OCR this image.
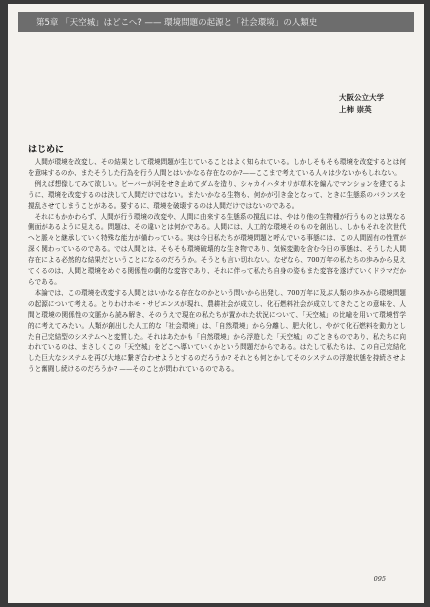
第5章 「天空城」はどこへ? —— 環境問題の起源と「社会環境」の人類史

大阪公立大学
上柿 崇英
はじめに

人間が環境を改変し、その結果として環境問題が生じていることはよく知られている。しかしそもそも環境を改変するとは何を意味するのか、またそうした行為を行う人間とはいかなる存在なのか?——ここまで考えている人々は少ないかもしれない。

例えば想像してみて欲しい。ビーバーが河をせき止めてダムを造り、シャカイハタオリが草木を編んでマンションを建てるように、環境を改変するのは決して人間だけではない。またいかなる生物も、何かが引き金となって、ときに生態系のバランスを撹乱させてしまうことがある。要するに、環境を破壊するのは人間だけではないのである。

それにもかかわらず、人間が行う環境の改変や、人間に由来する生態系の撹乱には、やはり他の生物種が行うものとは異なる側面があるように見える。問題は、その違いとは何かである。人間には、人工的な環境そのものを創出し、しかもそれを次世代へと脈々と継承していく特殊な能力が備わっている。実は今日私たちが環境問題と呼んでいる事態には、この人間固有の性質が深く関わっているのである。では人間とは、そもそも環境破壊的な生き物であり、気候変動を含む今日の事態は、そうした人間存在による必然的な結果だということになるのだろうか。そうとも言い切れない。なぜなら、700万年の私たちの歩みから見えてくるのは、人間と環境をめぐる関係性の劇的な変容であり、それに伴って私たち自身の姿もまた変容を遂げていくドラマだからである。

本論では、この環境を改変する人間とはいかなる存在なのかという問いから出発し、700万年に及ぶ人類の歩みから環境問題の起源について考える。とりわけホモ・サピエンスが現れ、農耕社会が成立し、化石燃料社会が成立してきたことの意味を、人間と環境の関係性の文脈から読み解き、そのうえで現在の私たちが置かれた状況について、「天空城」の比喩を用いて環境哲学的に考えてみたい。人類が創出した人工的な「社会環境」は、「自然環境」から分離し、肥大化し、やがて化石燃料を動力とした自己完結型のシステムへと変質した。それはあたかも「自然環境」から浮遊した「天空城」のごときものであり、私たちに向われているのは、まさしくこの「天空城」をどこへ導いていくかという問題だからである。はたして私たちは、この自己完結化した巨大なシステムを再び大地に繋ぎ合わせようとするのだろうか? それとも何とかしてそのシステムの浮遊状態を持続させようと奮闘し続けるのだろうか? ——そのことが問われているのである。

095
